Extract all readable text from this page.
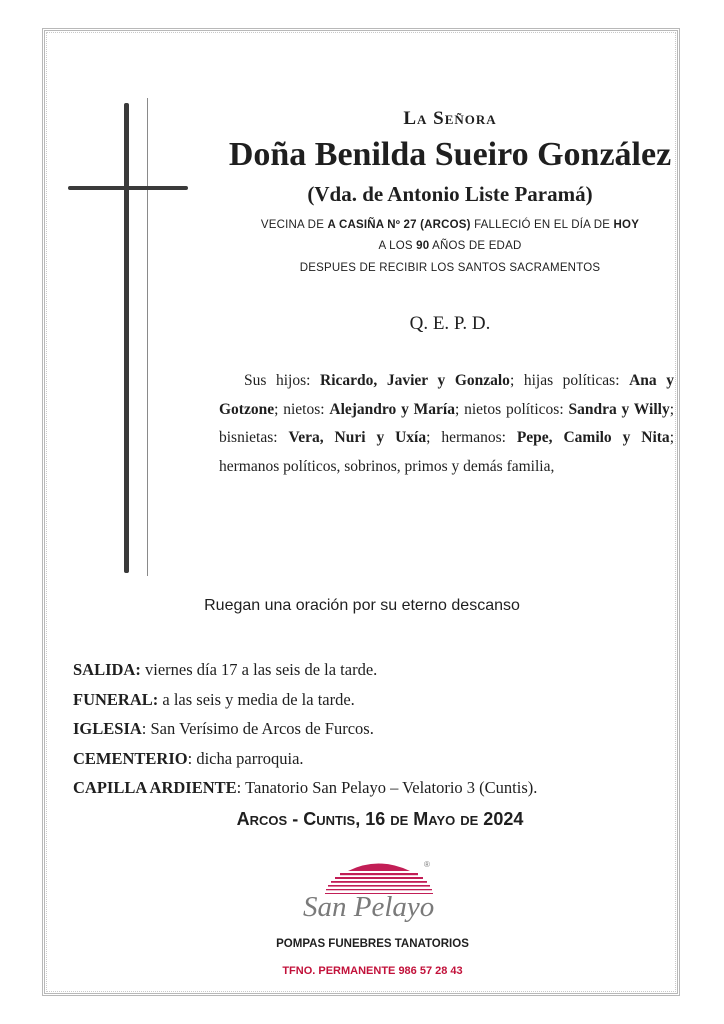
La Señora
Doña Benilda Sueiro González
(Vda. de Antonio Liste Paramá)
VECINA DE A CASIÑA Nº 27 (ARCOS) FALLECIÓ EN EL DÍA DE HOY
A LOS 90 AÑOS DE EDAD
DESPUES DE RECIBIR LOS SANTOS SACRAMENTOS
Q. E. P. D.
Sus hijos: Ricardo, Javier y Gonzalo; hijas políticas: Ana y Gotzone; nietos: Alejandro y María; nietos políticos: Sandra y Willy; bisnietas: Vera, Nuri y Uxía; hermanos: Pepe, Camilo y Nita; hermanos políticos, sobrinos, primos y demás familia,
Ruegan una oración por su eterno descanso
SALIDA: viernes día 17 a las seis de la tarde.
FUNERAL: a las seis y media de la tarde.
IGLESIA: San Verísimo de Arcos de Furcos.
CEMENTERIO: dicha parroquia.
CAPILLA ARDIENTE: Tanatorio San Pelayo – Velatorio 3 (Cuntis).
Arcos - Cuntis, 16 de Mayo de 2024
San Pelayo
®
POMPAS FUNEBRES TANATORIOS
TFNO. PERMANENTE 986 57 28 43
